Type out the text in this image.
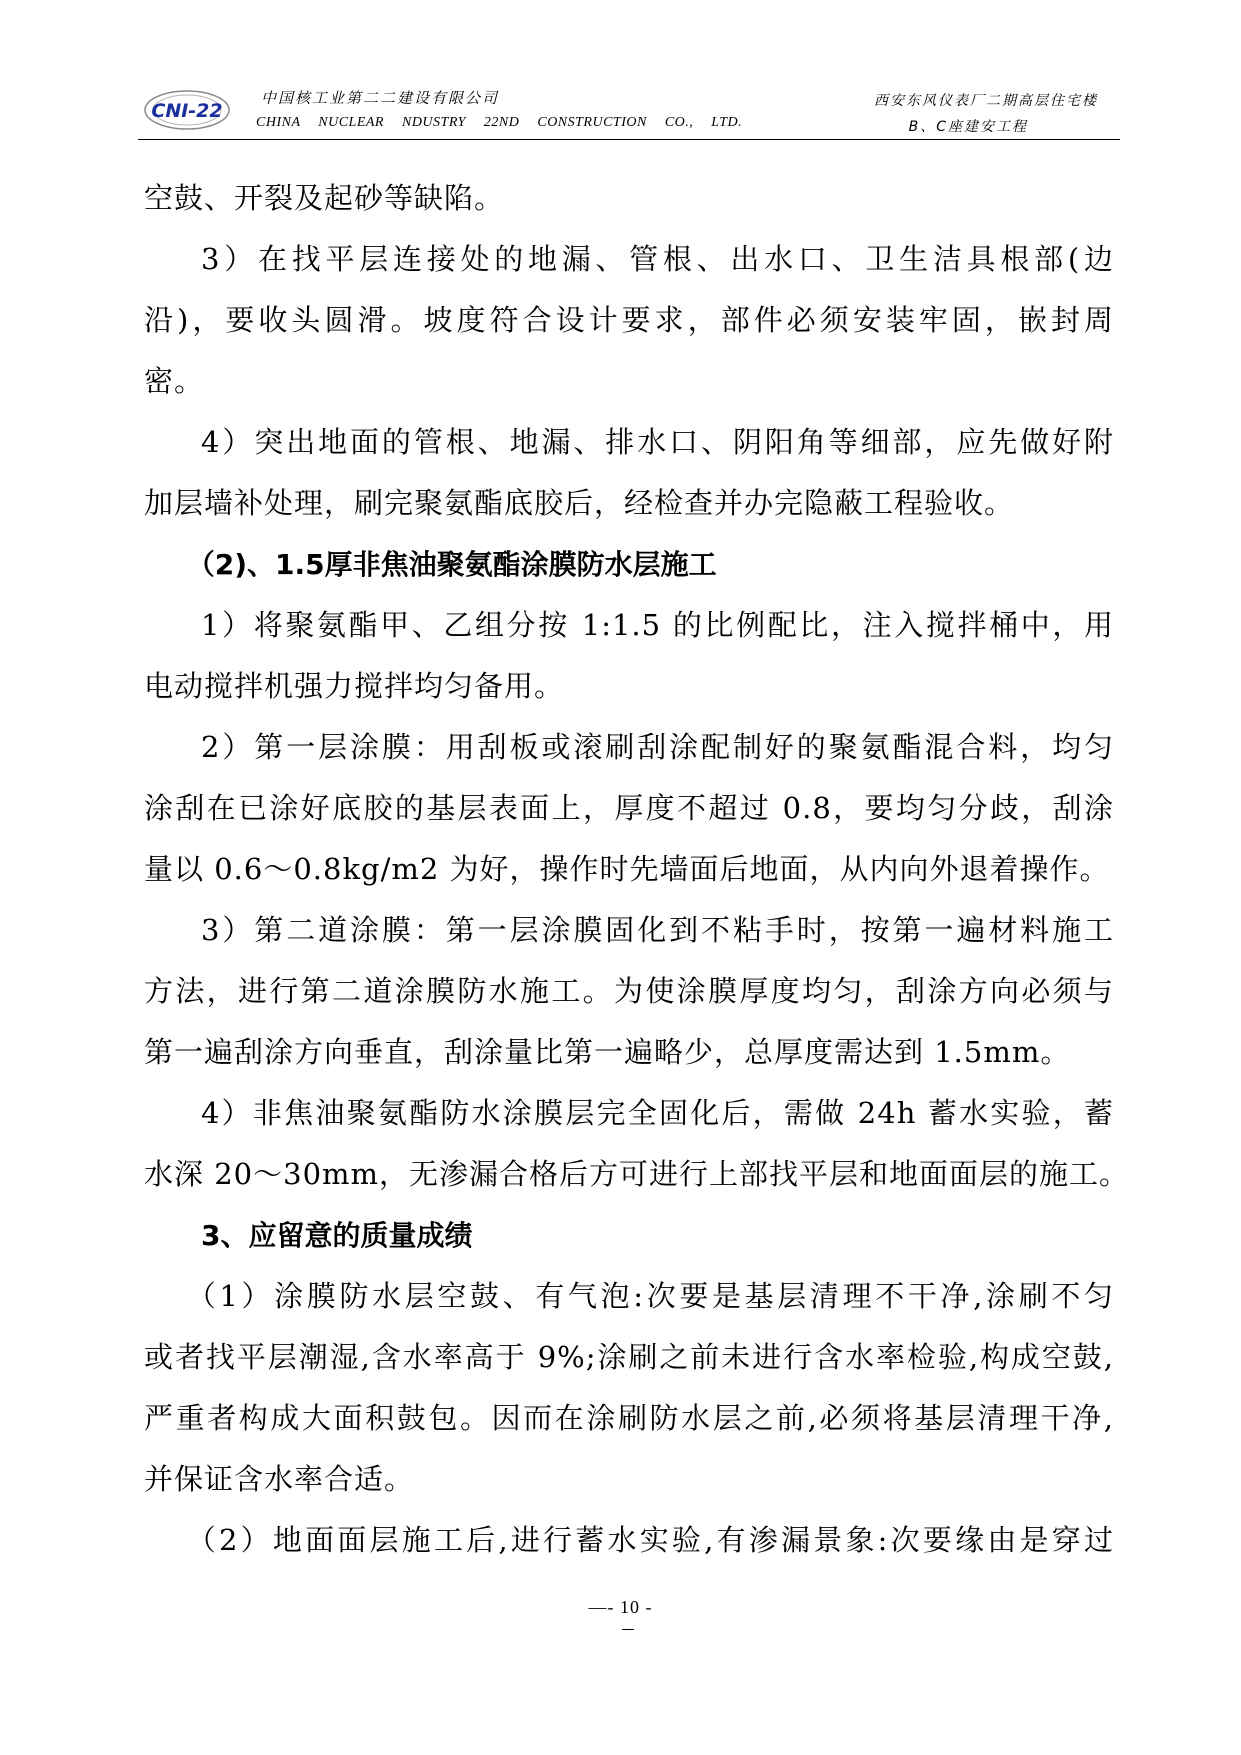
CNI-22
中国核工业第二二建设有限公司
CHINA NUCLEAR NDUSTRY 22ND CONSTRUCTION CO., LTD.
西安东风仪表厂二期高层住宅楼
B、C座建安工程
空鼓、开裂及起砂等缺陷。
3）在找平层连接处的地漏、管根、出水口、卫生洁具根部(边
沿)，要收头圆滑。坡度符合设计要求，部件必须安装牢固，嵌封周
密。
4）突出地面的管根、地漏、排水口、阴阳角等细部，应先做好附
加层墙补处理，刷完聚氨酯底胶后，经检查并办完隐蔽工程验收。
（2)、1.5厚非焦油聚氨酯涂膜防水层施工
1）将聚氨酯甲、乙组分按 1:1.5 的比例配比，注入搅拌桶中，用
电动搅拌机强力搅拌均匀备用。
2）第一层涂膜：用刮板或滚刷刮涂配制好的聚氨酯混合料，均匀
涂刮在已涂好底胶的基层表面上，厚度不超过 0.8，要均匀分歧，刮涂
量以 0.6～0.8kg/m2 为好，操作时先墙面后地面，从内向外退着操作。
3）第二道涂膜：第一层涂膜固化到不粘手时，按第一遍材料施工
方法，进行第二道涂膜防水施工。为使涂膜厚度均匀，刮涂方向必须与
第一遍刮涂方向垂直，刮涂量比第一遍略少，总厚度需达到 1.5mm。
4）非焦油聚氨酯防水涂膜层完全固化后，需做 24h 蓄水实验，蓄
水深 20～30mm，无渗漏合格后方可进行上部找平层和地面面层的施工。
3、应留意的质量成绩
（1）涂膜防水层空鼓、有气泡:次要是基层清理不干净,涂刷不匀
或者找平层潮湿,含水率高于 9%;涂刷之前未进行含水率检验,构成空鼓,
严重者构成大面积鼓包。因而在涂刷防水层之前,必须将基层清理干净,
并保证含水率合适。
（2）地面面层施工后,进行蓄水实验,有渗漏景象:次要缘由是穿过
—- 10 -
